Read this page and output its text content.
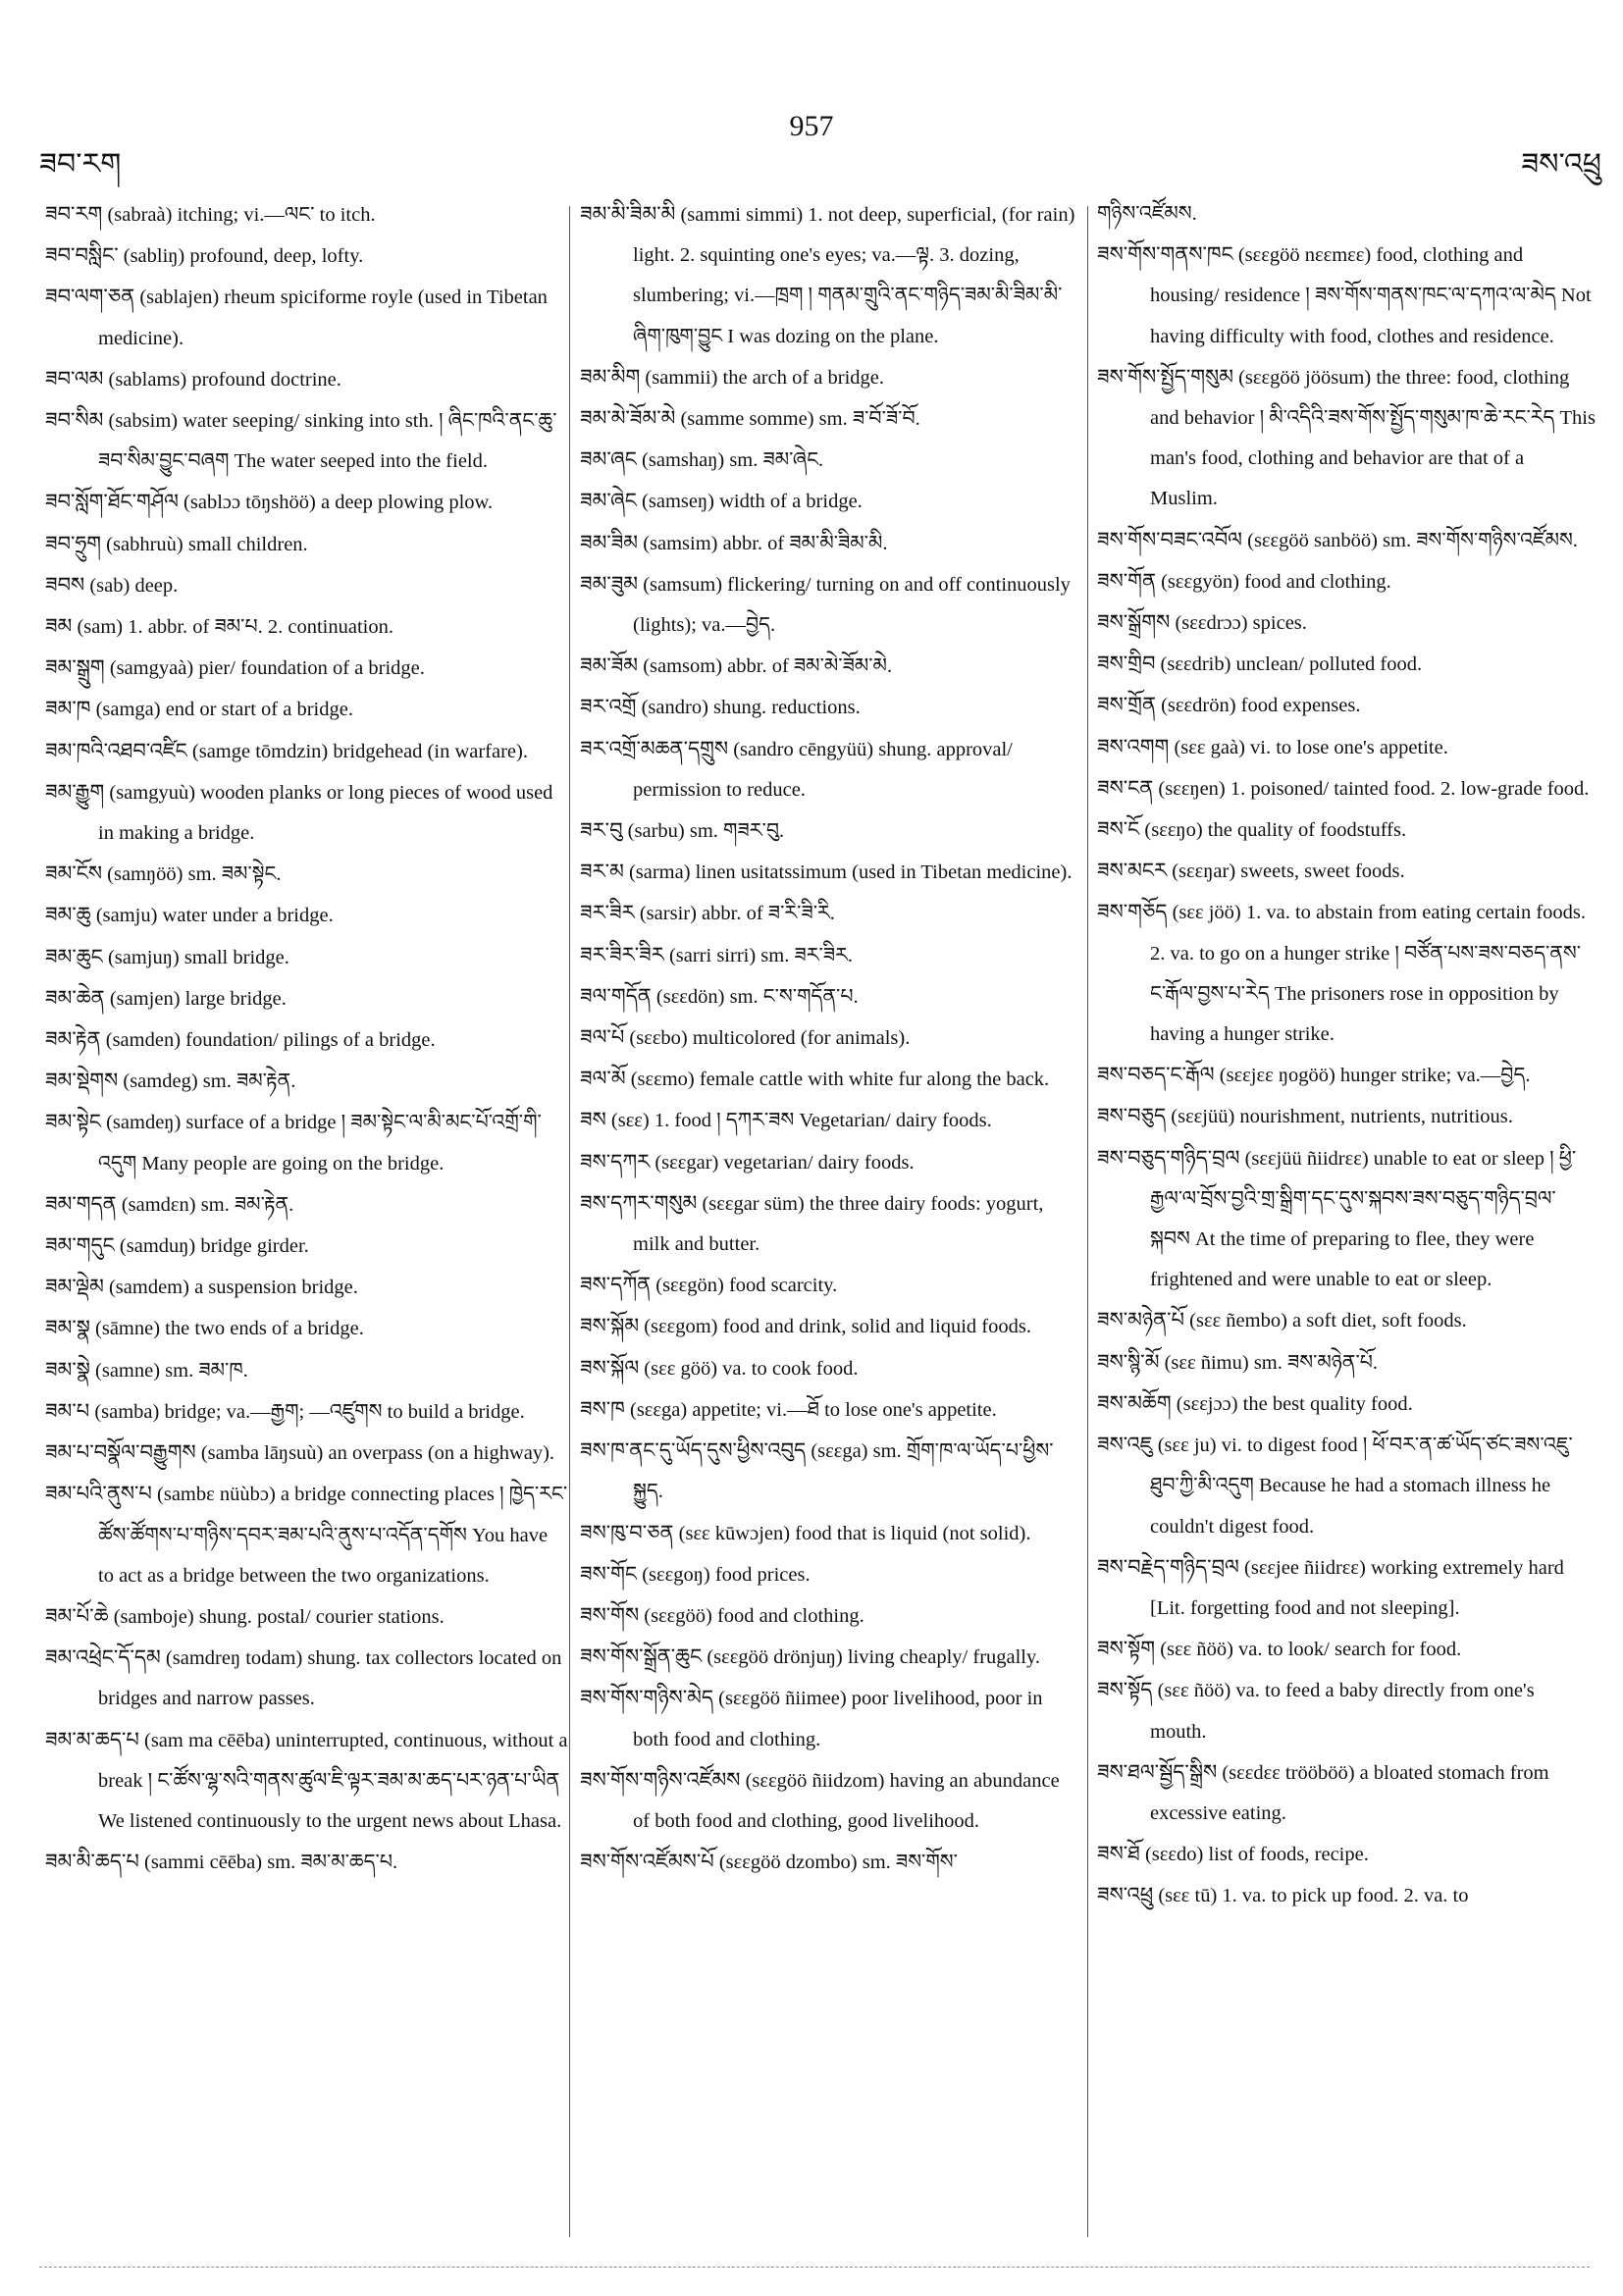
ཟབ་རག
957
ཟས་འཕྲུ

ཟབ་རག (sabraà) itching; vi.—ལང་ to itch.

ཟབ་བསླིང་ (sabliŋ) profound, deep, lofty.

ཟབ་ལག་ཅན (sablajen) rheum spiciforme royle (used in Tibetan medicine).

ཟབ་ལམ (sablams) profound doctrine.

ཟབ་སིམ (sabsim) water seeping/ sinking into sth. ། ཞིང་ཁའི་ནང་ཆུ་ཟབ་སིམ་བྱུང་བཞག The water seeped into the field.

ཟབ་སློག་ཐོང་གཤོལ (sablɔɔ tōŋshöö) a deep plowing plow.

ཟབ་ཧྲུག (sabhruù) small children.

ཟབས (sab) deep.

ཟམ (sam) 1. abbr. of ཟམ་པ. 2. continuation.

ཟམ་སྒྲུག (samgyaà) pier/ foundation of a bridge.

ཟམ་ཁ (samga) end or start of a bridge.

ཟམ་ཁའི་འཐབ་འཛིང (samge tōmdzin) bridgehead (in warfare).

ཟམ་རྒྱུག (samgyuù) wooden planks or long pieces of wood used in making a bridge.

ཟམ་ངོས (samŋöö) sm. ཟམ་སྟེང.

ཟམ་ཆུ (samju) water under a bridge.

ཟམ་ཆུང (samjuŋ) small bridge.

ཟམ་ཆེན (samjen) large bridge.

ཟམ་རྟེན (samden) foundation/ pilings of a bridge.

ཟམ་སྡེགས (samdeg) sm. ཟམ་རྟེན.

ཟམ་སྟེང (samdeŋ) surface of a bridge ། ཟམ་སྟེང་ལ་མི་མང་པོ་འགྲོ་གི་འདུག Many people are going on the bridge.

ཟམ་གདན (samdɛn) sm. ཟམ་རྟེན.

ཟམ་གདུང (samduŋ) bridge girder.

ཟམ་ལྡེམ (samdem) a suspension bridge.

ཟམ་སྣ (sāmne) the two ends of a bridge.

ཟམ་སྣེ (samne) sm. ཟམ་ཁ.

ཟམ་པ (samba) bridge; va.—རྒྱག; —འཛུགས to build a bridge.

ཟམ་པ་བསྣོལ་བརྒྱུགས (samba lāŋsuù) an overpass (on a highway).

ཟམ་པའི་ནུས་པ (sambɛ nüùbɔ) a bridge connecting places ། ཁྱེད་རང་ཚོས་ཚོགས་པ་གཉིས་དབར་ཟམ་པའི་ནུས་པ་འདོན་དགོས You have to act as a bridge between the two organizations.

ཟམ་པོ་ཆེ (samboje) shung. postal/ courier stations.

ཟམ་འཕྲེང་དོ་དམ (samdreŋ todam) shung. tax collectors located on bridges and narrow passes.

ཟམ་མ་ཆད་པ (sam ma cēēba) uninterrupted, continuous, without a break ། ང་ཚོས་ལྷ་སའི་གནས་ཚུལ་ཇི་ལྟར་ཟམ་མ་ཆད་པར་ཉན་པ་ཡིན We listened continuously to the urgent news about Lhasa.

ཟམ་མི་ཆད་པ (sammi cēēba) sm. ཟམ་མ་ཆད་པ.

ཟམ་མི་ཟིམ་མི (sammi simmi) 1. not deep, superficial, (for rain) light. 2. squinting one's eyes; va.—ལྟ. 3. dozing, slumbering; vi.—ཁྲག ། གནམ་གྲུའི་ནང་གཉིད་ཟམ་མི་ཟིམ་མི་ཞིག་ཁུག་བྱུང I was dozing on the plane.

ཟམ་མིག (sammii) the arch of a bridge.

ཟམ་མེ་ཟོམ་མེ (samme somme) sm. ཟ་བོ་ཟོ་བོ.

ཟམ་ཞང (samshaŋ) sm. ཟམ་ཞེང.

ཟམ་ཞེང (samseŋ) width of a bridge.

ཟམ་ཟིམ (samsim) abbr. of ཟམ་མི་ཟིམ་མི.

ཟམ་ཟུམ (samsum) flickering/ turning on and off continuously (lights); va.—བྱེད.

ཟམ་ཟོམ (samsom) abbr. of ཟམ་མེ་ཟོམ་མེ.

ཟར་འགྲོ (sandro) shung. reductions.

ཟར་འགྲོ་མཆན་དགྲུས (sandro cēngyüü) shung. approval/ permission to reduce.

ཟར་བུ (sarbu) sm. གཟར་བུ.

ཟར་མ (sarma) linen usitatssimum (used in Tibetan medicine).

ཟར་ཟིར (sarsir) abbr. of ཟ་རི་ཟི་རི.

ཟར་ཟིར་ཟིར (sarri sirri) sm. ཟར་ཟིར.

ཟལ་གདོན (sɛɛdön) sm. ང་ས་གདོན་པ.

ཟལ་པོ (sɛɛbo) multicolored (for animals).

ཟལ་མོ (sɛɛmo) female cattle with white fur along the back.

ཟས (sɛɛ) 1. food ། དཀར་ཟས Vegetarian/ dairy foods.

ཟས་དཀར (sɛɛgar) vegetarian/ dairy foods.

ཟས་དཀར་གསུམ (sɛɛgar süm) the three dairy foods: yogurt, milk and butter.

ཟས་དཀོན (sɛɛgön) food scarcity.

ཟས་སྐོམ (sɛɛgom) food and drink, solid and liquid foods.

ཟས་སྐོལ (sɛɛ göö) va. to cook food.

ཟས་ཁ (sɛɛga) appetite; vi.—ཐོ to lose one's appetite.

ཟས་ཁ་ནང་དུ་ཡོད་དུས་ཕྱིས་འབུད (sɛɛga) sm. གྲོག་ཁ་ལ་ཡོད་པ་ཕྱིས་སྐྱུད.

ཟས་ཁུ་བ་ཅན (sɛɛ kūwɔjen) food that is liquid (not solid).

ཟས་གོང (sɛɛgoŋ) food prices.

ཟས་གོས (sɛɛgöö) food and clothing.

ཟས་གོས་སྒྲོན་ཆུང (sɛɛgöö drönjuŋ) living cheaply/ frugally.

ཟས་གོས་གཉིས་མེད (sɛɛgöö ñiimee) poor livelihood, poor in both food and clothing.

ཟས་གོས་གཉིས་འཛོམས (sɛɛgöö ñiidzom) having an abundance of both food and clothing, good livelihood.

ཟས་གོས་འཛོམས་པོ (sɛɛgöö dzombo) sm. ཟས་གོས་

གཉིས་འཛོམས.

ཟས་གོས་གནས་ཁང (sɛɛgöö nɛɛmɛɛ) food, clothing and housing/ residence ། ཟས་གོས་གནས་ཁང་ལ་དཀའ་ལ་མེད Not having difficulty with food, clothes and residence.

ཟས་གོས་སྤྱོད་གསུམ (sɛɛgöö jöösum) the three: food, clothing and behavior ། མི་འདིའི་ཟས་གོས་སྤྱོད་གསུམ་ཁ་ཆེ་རང་རེད This man's food, clothing and behavior are that of a Muslim.

ཟས་གོས་བཟང་འབོལ (sɛɛgöö sanböö) sm. ཟས་གོས་གཉིས་འཛོམས.

ཟས་གོན (sɛɛgyön) food and clothing.

ཟས་སྒྲོགས (sɛɛdrɔɔ) spices.

ཟས་གྲིབ (sɛɛdrib) unclean/ polluted food.

ཟས་གྲོན (sɛɛdrön) food expenses.

ཟས་འགག (sɛɛ gaà) vi. to lose one's appetite.

ཟས་ངན (sɛɛŋen) 1. poisoned/ tainted food. 2. low-grade food.

ཟས་ངོ (sɛɛŋo) the quality of foodstuffs.

ཟས་མངར (sɛɛŋar) sweets, sweet foods.

ཟས་གཅོད (sɛɛ jöö) 1. va. to abstain from eating certain foods. 2. va. to go on a hunger strike ། བཙོན་པས་ཟས་བཅད་ནས་ང་རྒོལ་བྱས་པ་རེད The prisoners rose in opposition by having a hunger strike.

ཟས་བཅད་ང་རྒོལ (sɛɛjɛɛ ŋogöö) hunger strike; va.—བྱེད.

ཟས་བཅུད (sɛɛjüü) nourishment, nutrients, nutritious.

ཟས་བཅུད་གཉིད་བྲལ (sɛɛjüü ñiidrɛɛ) unable to eat or sleep ། ཕྱི་རྒྱལ་ལ་བྲོས་བྱའི་གྲ་སྒྲིག་དང་དུས་སྐབས་ཟས་བཅུད་གཉིད་བྲལ་སྐབས At the time of preparing to flee, they were frightened and were unable to eat or sleep.

ཟས་མཉེན་པོ (sɛɛ ñembo) a soft diet, soft foods.

ཟས་སྙི་མོ (sɛɛ ñimu) sm. ཟས་མཉེན་པོ.

ཟས་མཆོག (sɛɛjɔɔ) the best quality food.

ཟས་འཇུ (sɛɛ ju) vi. to digest food ། ཕོ་བར་ན་ཚ་ཡོད་ཙང་ཟས་འཇུ་ཐུབ་ཀྱི་མི་འདུག Because he had a stomach illness he couldn't digest food.

ཟས་བརྗེད་གཉིད་བྲལ (sɛɛjee ñiidrɛɛ) working extremely hard [Lit. forgetting food and not sleeping].

ཟས་སྟོག (sɛɛ ñöö) va. to look/ search for food.

ཟས་སྟོད (sɛɛ ñöö) va. to feed a baby directly from one's mouth.

ཟས་ཐལ་སྦྱོད་སྒྲིས (sɛɛdɛɛ trööböö) a bloated stomach from excessive eating.

ཟས་ཐོ (sɛɛdo) list of foods, recipe.

ཟས་འཕྲུ (sɛɛ tū) 1. va. to pick up food. 2. va. to
